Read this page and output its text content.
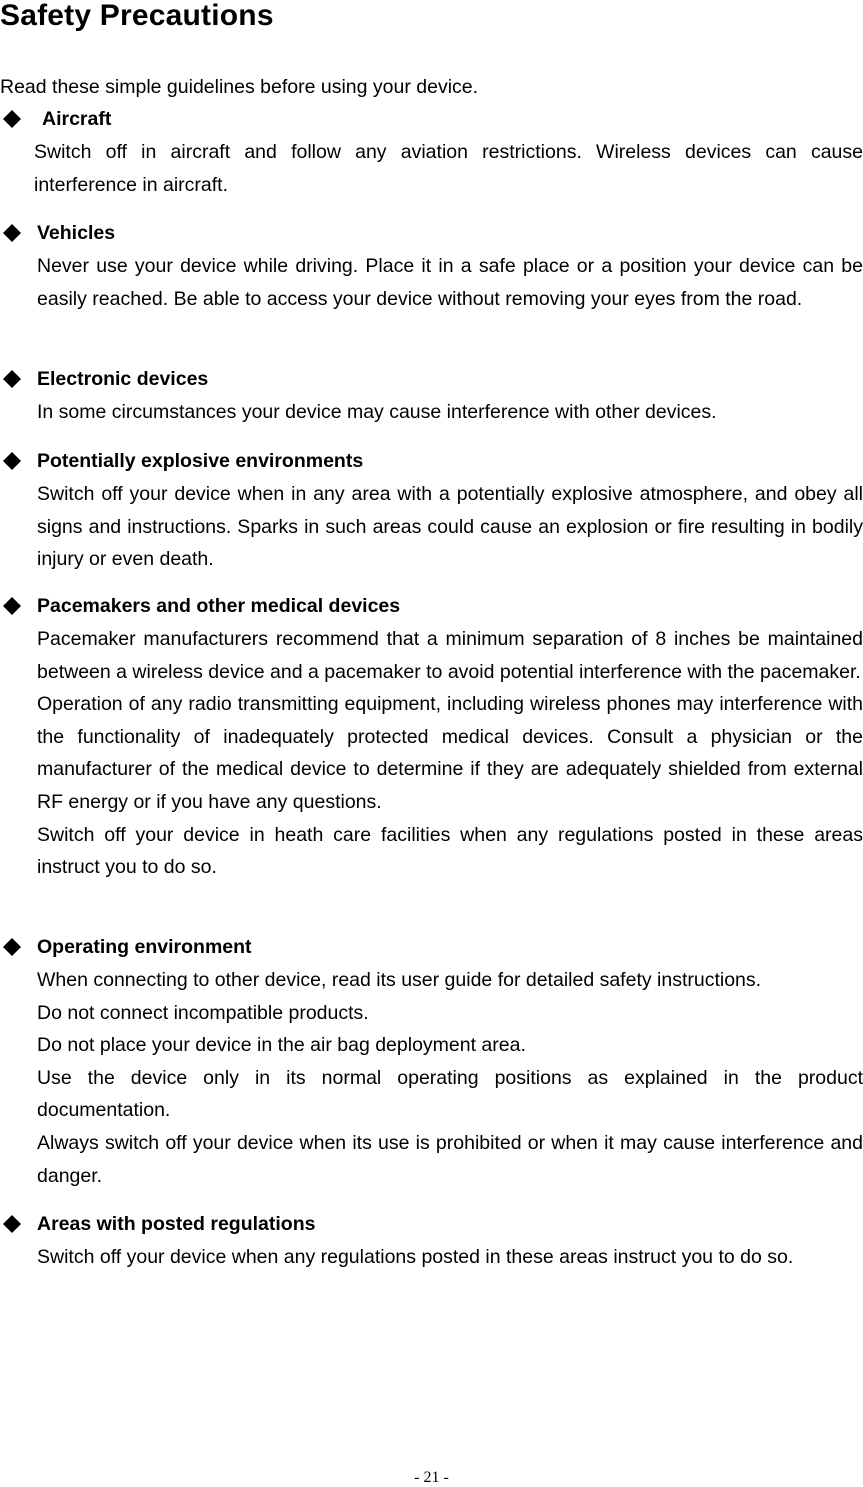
Safety Precautions

Read these simple guidelines before using your device.

Aircraft

Switch off in aircraft and follow any aviation restrictions. Wireless devices can cause interference in aircraft.

Vehicles

Never use your device while driving. Place it in a safe place or a position your device can be easily reached. Be able to access your device without removing your eyes from the road.

Electronic devices

In some circumstances your device may cause interference with other devices.

Potentially explosive environments

Switch off your device when in any area with a potentially explosive atmosphere, and obey all signs and instructions. Sparks in such areas could cause an explosion or fire resulting in bodily injury or even death.

Pacemakers and other medical devices

Pacemaker manufacturers recommend that a minimum separation of 8 inches be maintained between a wireless device and a pacemaker to avoid potential interference with the pacemaker.

Operation of any radio transmitting equipment, including wireless phones may interference with the functionality of inadequately protected medical devices. Consult a physician or the manufacturer of the medical device to determine if they are adequately shielded from external RF energy or if you have any questions.

Switch off your device in heath care facilities when any regulations posted in these areas instruct you to do so.

Operating environment

When connecting to other device, read its user guide for detailed safety instructions.

Do not connect incompatible products.

Do not place your device in the air bag deployment area.

Use the device only in its normal operating positions as explained in the product documentation.

Always switch off your device when its use is prohibited or when it may cause interference and danger.

Areas with posted regulations

Switch off your device when any regulations posted in these areas instruct you to do so.

- 21 -
